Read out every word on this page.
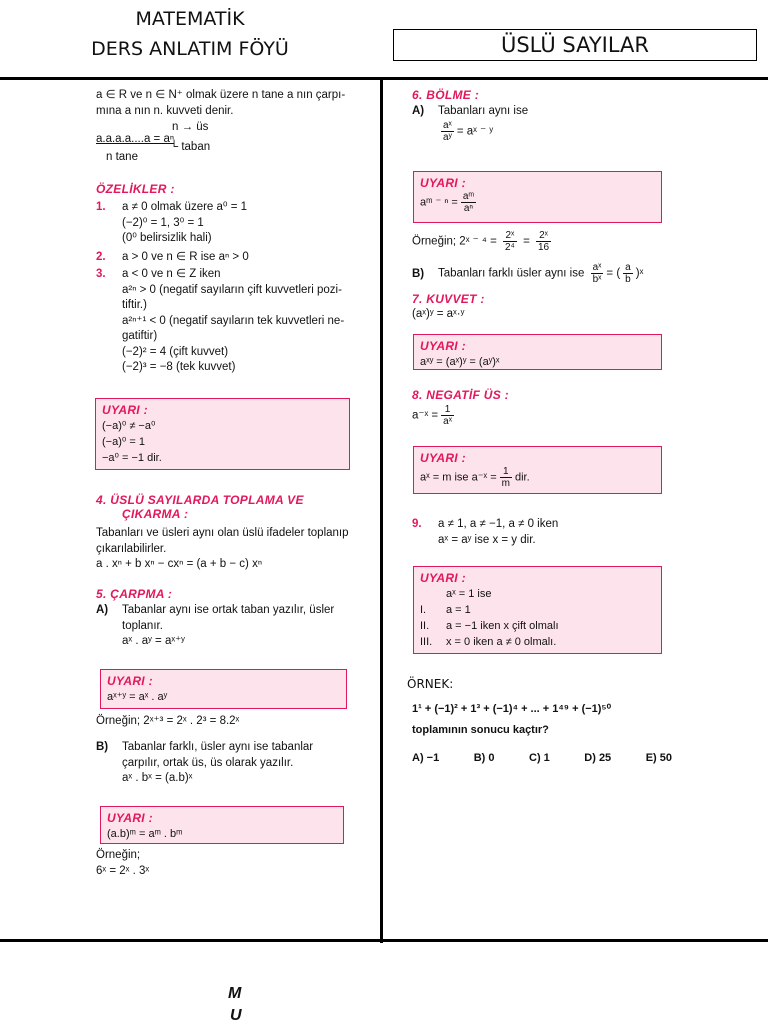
MATEMATİK
DERS ANLATIM FÖYÜ	ÜSLÜ SAYILAR
a ∈ R ve n ∈ N⁺ olmak üzere n tane a nın çarpı-
mına a nın n. kuvveti denir.
n → üs
a.a.a.a....a = aⁿ
└ taban
n tane
ÖZELİKLER :
1. a ≠ 0 olmak üzere a⁰ = 1
(−2)⁰ = 1, 3⁰ = 1
(0⁰ belirsizlik hali)
2. a > 0 ve n ∈ R ise aⁿ > 0
3. a < 0 ve n ∈ Z iken
a²ⁿ > 0 (negatif sayıların çift kuvvetleri pozi-
tiftir.)
a²ⁿ⁺¹ < 0 (negatif sayıların tek kuvvetleri ne-
gatiftir)
(−2)² = 4 (çift kuvvet)
(−2)³ = −8 (tek kuvvet)
UYARI :
(−a)⁰ ≠ −a⁰
(−a)⁰ = 1
−a⁰ = −1 dir.
4. ÜSLÜ SAYILARDA TOPLAMA VE
ÇIKARMA :
Tabanları ve üsleri aynı olan üslü ifadeler toplanıp
çıkarılabilirler.
a . xⁿ + b xⁿ − cxⁿ = (a + b − c) xⁿ
5. ÇARPMA :
A) Tabanlar aynı ise ortak taban yazılır, üsler
toplanır.
aˣ . aʸ = aˣ⁺ʸ
UYARI :
aˣ⁺ʸ = aˣ . aʸ
Örneğin; 2ˣ⁺³ = 2ˣ . 2³ = 8.2ˣ
B) Tabanlar farklı, üsler aynı ise tabanlar
çarpılır, ortak üs, üs olarak yazılır.
aˣ . bˣ = (a.b)ˣ
UYARI :
(a.b)ᵐ = aᵐ . bᵐ
Örneğin;
6ˣ = 2ˣ . 3ˣ
6. BÖLME :
A) Tabanları aynı ise
$\frac{\text{aˣ}}{\text{aʸ}}$ = aˣ ⁻ ʸ
UYARI :
aᵐ ⁻ $^n = \frac{\text{aᵐ}}{\text{aⁿ}}$
Örneğin; 2ˣ ⁻ $^4 = \frac{\text{2ˣ}}{\text{2⁴}} = \frac{\text{2ˣ}}{16}$
B) Tabanları farklı üsler aynı ise $\frac{\text{aˣ}}{\text{bˣ}}$ = ( $\frac{a}{b}$ )ˣ
7. KUVVET :
(aˣ)ʸ = aˣ·ʸ
UYARI :
aˣʸ = (aˣ)ʸ = (aʸ)ˣ
8. NEGATİF ÜS :
a⁻ˣ = $\frac{1}{\text{aˣ}}$
UYARI :
aˣ = m ise a⁻ˣ = $\frac{1}{m}$ dir.
9. a ≠ 1, a ≠ −1, a ≠ 0 iken
aˣ = aʸ ise x = y dir.
UYARI :
aˣ = 1 ise
I. a = 1
II. a = −1 iken x çift olmalı
III. x = 0 iken a ≠ 0 olmalı.
ÖRNEK:
1¹ + (−1)² + 1³ + (−1)⁴ + ... + 1⁴⁹ + (−1)⁵⁰
toplamının sonucu kaçtır?
A) −1	B) 0	C) 1	D) 25	E) 50
M
U
